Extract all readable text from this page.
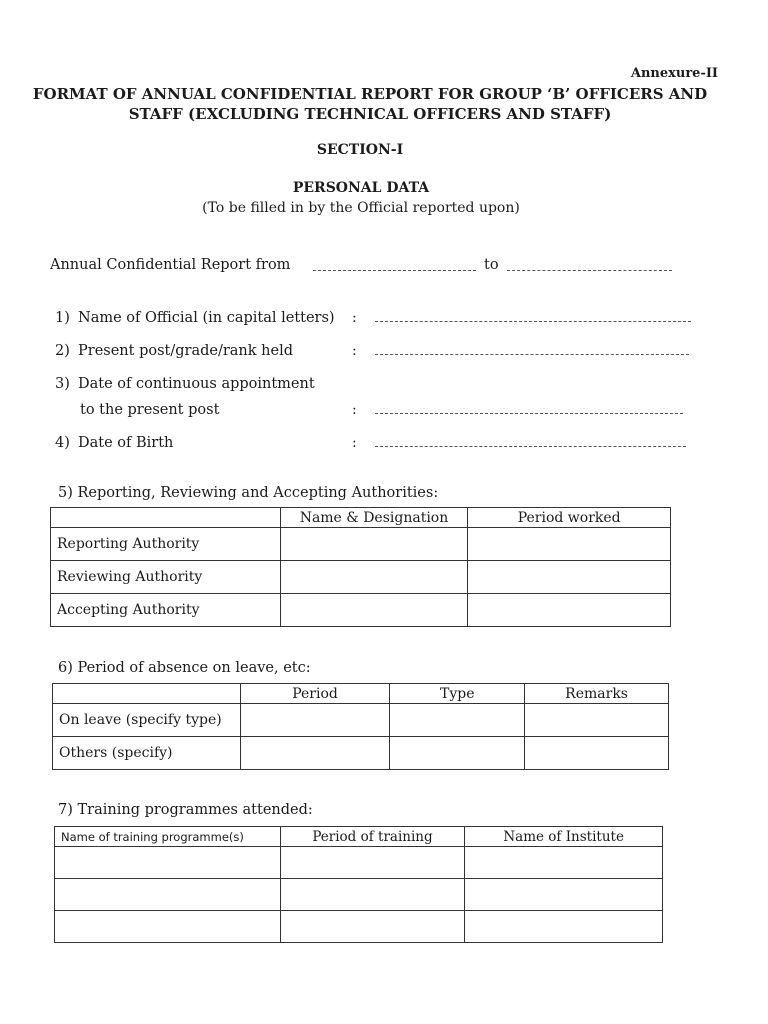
Annexure-II
FORMAT OF ANNUAL CONFIDENTIAL REPORT FOR GROUP ‘B’ OFFICERS AND
STAFF (EXCLUDING TECHNICAL OFFICERS AND STAFF)
SECTION-I
PERSONAL DATA
(To be filled in by the Official reported upon)
Annual Confidential Report from	to
1) Name of Official (in capital letters) :
2) Present post/grade/rank held	:
3) Date of continuous appointment
to the present post	:
4) Date of Birth	:
5) Reporting, Reviewing and Accepting Authorities:
	Name & Designation	Period worked
Reporting Authority		
Reviewing Authority		
Accepting Authority		
6) Period of absence on leave, etc:
	Period	Type	Remarks
On leave (specify type)			
Others (specify)			
7) Training programmes attended:
Name of training programme(s)	Period of training	Name of Institute
